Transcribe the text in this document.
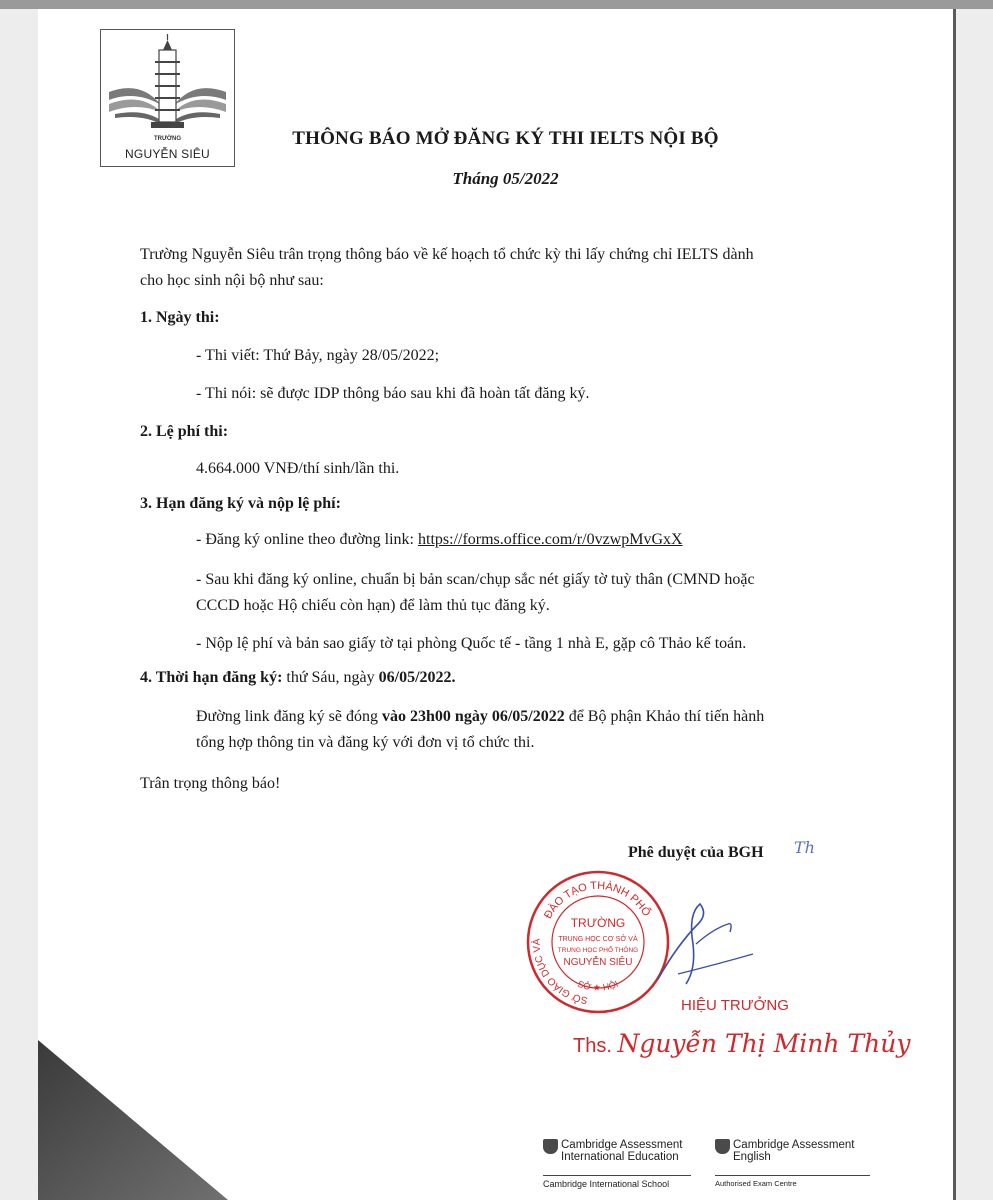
TRƯỜNG
NGUYỄN SIÊU
THÔNG BÁO MỞ ĐĂNG KÝ THI IELTS NỘI BỘ
Tháng 05/2022

Trường Nguyễn Siêu trân trọng thông báo về kế hoạch tổ chức kỳ thi lấy chứng chỉ IELTS dành

cho học sinh nội bộ như sau:

1. Ngày thi:

- Thi viết: Thứ Bảy, ngày 28/05/2022;

- Thi nói: sẽ được IDP thông báo sau khi đã hoàn tất đăng ký.

2. Lệ phí thi:

4.664.000 VNĐ/thí sinh/lần thi.

3. Hạn đăng ký và nộp lệ phí:

- Đăng ký online theo đường link: https://forms.office.com/r/0vzwpMvGxX

- Sau khi đăng ký online, chuẩn bị bản scan/chụp sắc nét giấy tờ tuỳ thân (CMND hoặc

CCCD hoặc Hộ chiếu còn hạn) để làm thủ tục đăng ký.

- Nộp lệ phí và bản sao giấy tờ tại phòng Quốc tế - tầng 1 nhà E, gặp cô Thảo kế toán.

4. Thời hạn đăng ký: thứ Sáu, ngày 06/05/2022.

Đường link đăng ký sẽ đóng vào 23h00 ngày 06/05/2022 để Bộ phận Khảo thí tiến hành

tổng hợp thông tin và đăng ký với đơn vị tổ chức thi.

Trân trọng thông báo!

Phê duyệt của BGH Th
ĐÀO TẠO THÀNH PHỐ
SỞ GIÁO DỤC VÀ
SỞ ★ HỘI
TRƯỜNG
TRUNG HỌC CƠ SỞ VÀ
TRUNG HỌC PHỔ THÔNG
NGUYỄN SIÊU
HIỆU TRƯỞNG
Ths. Nguyễn Thị Minh Thủy
Cambridge Assessment
International Education
Cambridge International School
Cambridge Assessment
English
Authorised Exam Centre
